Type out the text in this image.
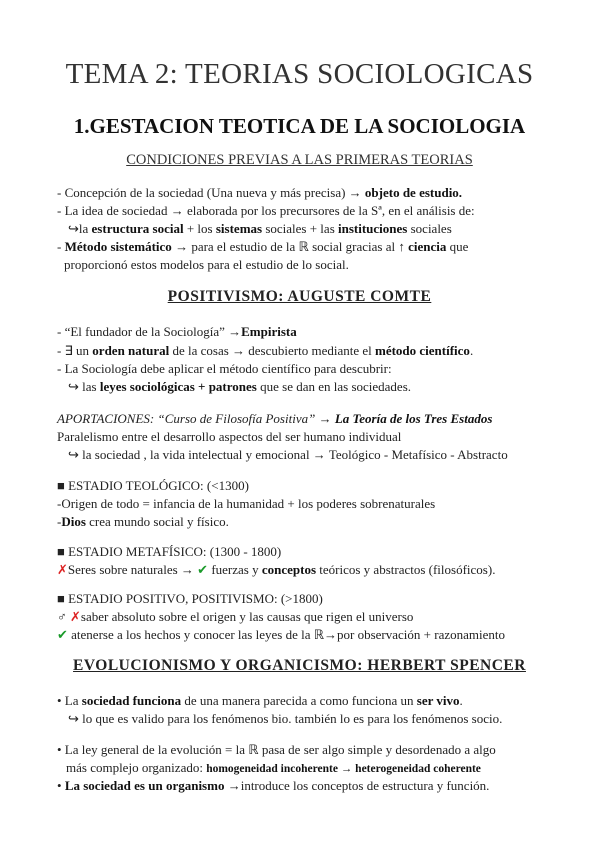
TEMA 2: TEORIAS SOCIOLOGICAS
1.GESTACION TEOTICA DE LA SOCIOLOGIA
CONDICIONES PREVIAS A LAS PRIMERAS TEORIAS
- Concepción de la sociedad (Una nueva y más precisa) → objeto de estudio.
- La idea de sociedad → elaborada por los precursores de la Sª, en el análisis de:
↪la estructura social + los sistemas sociales + las instituciones sociales
- Método sistemático → para el estudio de la ℝ social gracias al ↑ ciencia que
proporcionó estos modelos para el estudio de lo social.
POSITIVISMO: AUGUSTE COMTE
- “El fundador de la Sociología” →Empirista
- ∃ un orden natural de la cosas → descubierto mediante el método científico.
- La Sociología debe aplicar el método científico para descubrir:
↪ las leyes sociológicas + patrones que se dan en las sociedades.
APORTACIONES: “Curso de Filosofía Positiva” → La Teoría de los Tres Estados
Paralelismo entre el desarrollo aspectos del ser humano individual
↪ la sociedad , la vida intelectual y emocional → Teológico - Metafísico - Abstracto
■ ESTADIO TEOLÓGICO: (<1300)
-Origen de todo = infancia de la humanidad + los poderes sobrenaturales
-Dios crea mundo social y físico.
■ ESTADIO METAFÍSICO: (1300 - 1800)
✗Seres sobre naturales → ✔ fuerzas y conceptos teóricos y abstractos (filosóficos).
■ ESTADIO POSITIVO, POSITIVISMO: (>1800)
♂ ✗saber absoluto sobre el origen y las causas que rigen el universo
✔ atenerse a los hechos y conocer las leyes de la ℝ→por observación + razonamiento
EVOLUCIONISMO Y ORGANICISMO: HERBERT SPENCER
• La sociedad funciona de una manera parecida a como funciona un ser vivo.
↪ lo que es valido para los fenómenos bio. también lo es para los fenómenos socio.
• La ley general de la evolución = la ℝ pasa de ser algo simple y desordenado a algo
más complejo organizado: homogeneidad incoherente → heterogeneidad coherente
• La sociedad es un organismo →introduce los conceptos de estructura y función.
